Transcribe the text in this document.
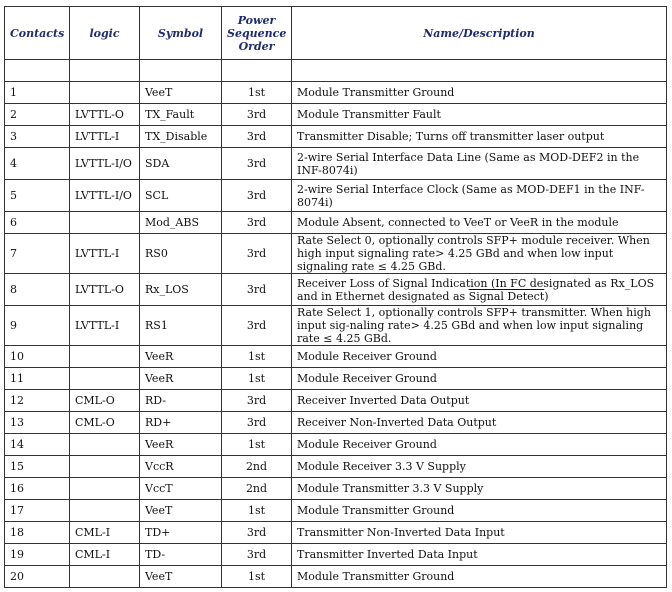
Contacts	logic	Symbol	Power Sequence Order	Name/Description

1		VeeT	1st	Module Transmitter Ground
2	LVTTL-O	TX_Fault	3rd	Module Transmitter Fault
3	LVTTL-I	TX_Disable	3rd	Transmitter Disable; Turns off transmitter laser output
4	LVTTL-I/O	SDA	3rd	2-wire Serial Interface Data Line (Same as MOD-DEF2 in the INF-8074i)
5	LVTTL-I/O	SCL	3rd	2-wire Serial Interface Clock (Same as MOD-DEF1 in the INF-8074i)
6		Mod_ABS	3rd	Module Absent, connected to VeeT or VeeR in the module
7	LVTTL-I	RS0	3rd	Rate Select 0, optionally controls SFP+ module receiver. When high input signaling rate> 4.25 GBd and when low input signaling rate ≤ 4.25 GBd.
8	LVTTL-O	Rx_LOS	3rd	Receiver Loss of Signal Indication (In FC designated as Rx_LOS and in Ethernet designated as Signal Detect)
9	LVTTL-I	RS1	3rd	Rate Select 1, optionally controls SFP+ transmitter. When high input sig-naling rate> 4.25 GBd and when low input signaling rate ≤ 4.25 GBd.
10		VeeR	1st	Module Receiver Ground
11		VeeR	1st	Module Receiver Ground
12	CML-O	RD-	3rd	Receiver Inverted Data Output
13	CML-O	RD+	3rd	Receiver Non-Inverted Data Output
14		VeeR	1st	Module Receiver Ground
15		VccR	2nd	Module Receiver 3.3 V Supply
16		VccT	2nd	Module Transmitter 3.3 V Supply
17		VeeT	1st	Module Transmitter Ground
18	CML-I	TD+	3rd	Transmitter Non-Inverted Data Input
19	CML-I	TD-	3rd	Transmitter Inverted Data Input
20		VeeT	1st	Module Transmitter Ground
